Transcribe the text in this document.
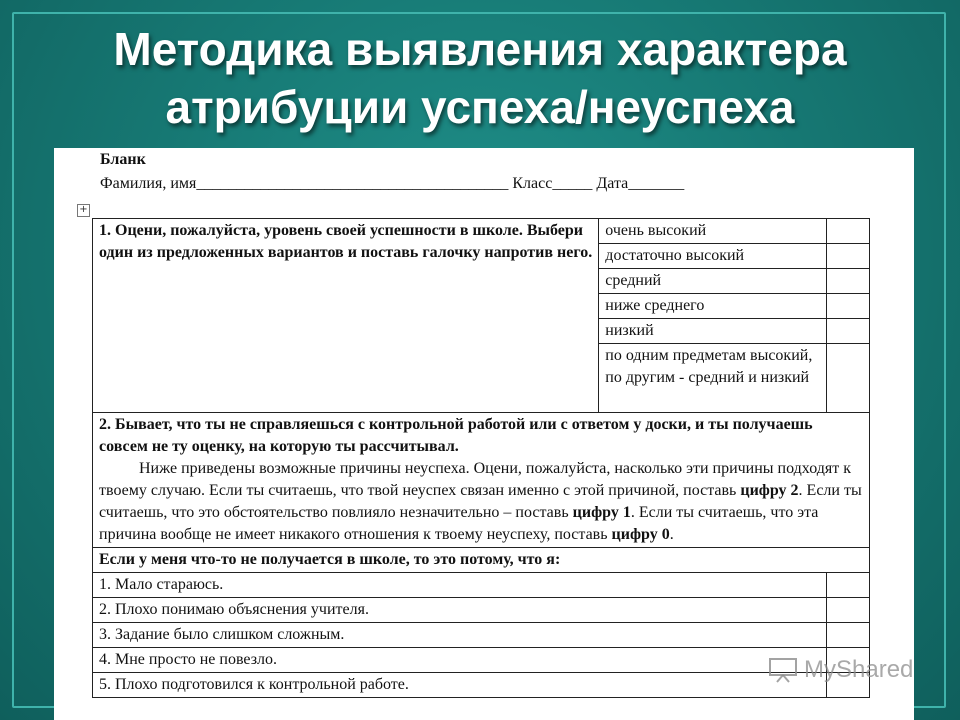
Методика выявления характера
атрибуции успеха/неуспеха
Бланк
Фамилия, имя_______________________________________ Класс_____ Дата_______
+
1. Оцени, пожалуйста, уровень своей успешности в школе. Выбери один из предложенных вариантов и поставь галочку напротив него.	очень высокий	
	достаточно высокий	
	средний	
	ниже среднего	
	низкий	
	по одним предметам высокий, по другим - средний и низкий	

2. Бывает, что ты не справляешься с контрольной работой или с ответом у доски, и ты получаешь совсем не ту оценку, на которую ты рассчитывал.

Ниже приведены возможные причины неуспеха. Оцени, пожалуйста, насколько эти причины подходят к твоему случаю. Если ты считаешь, что твой неуспех связан именно с этой причиной, поставь цифру 2. Если ты считаешь, что это обстоятельство повлияло незначительно – поставь цифру 1. Если ты считаешь, что эта причина вообще не имеет никакого отношения к твоему неуспеху, поставь цифру 0.		

Если у меня что-то не получается в школе, то это потому, что я:		
1. Мало стараюсь.		
2. Плохо понимаю объяснения учителя.		
3. Задание было слишком сложным.		
4. Мне просто не повезло.		
5. Плохо подготовился к контрольной работе.		
MyShared
